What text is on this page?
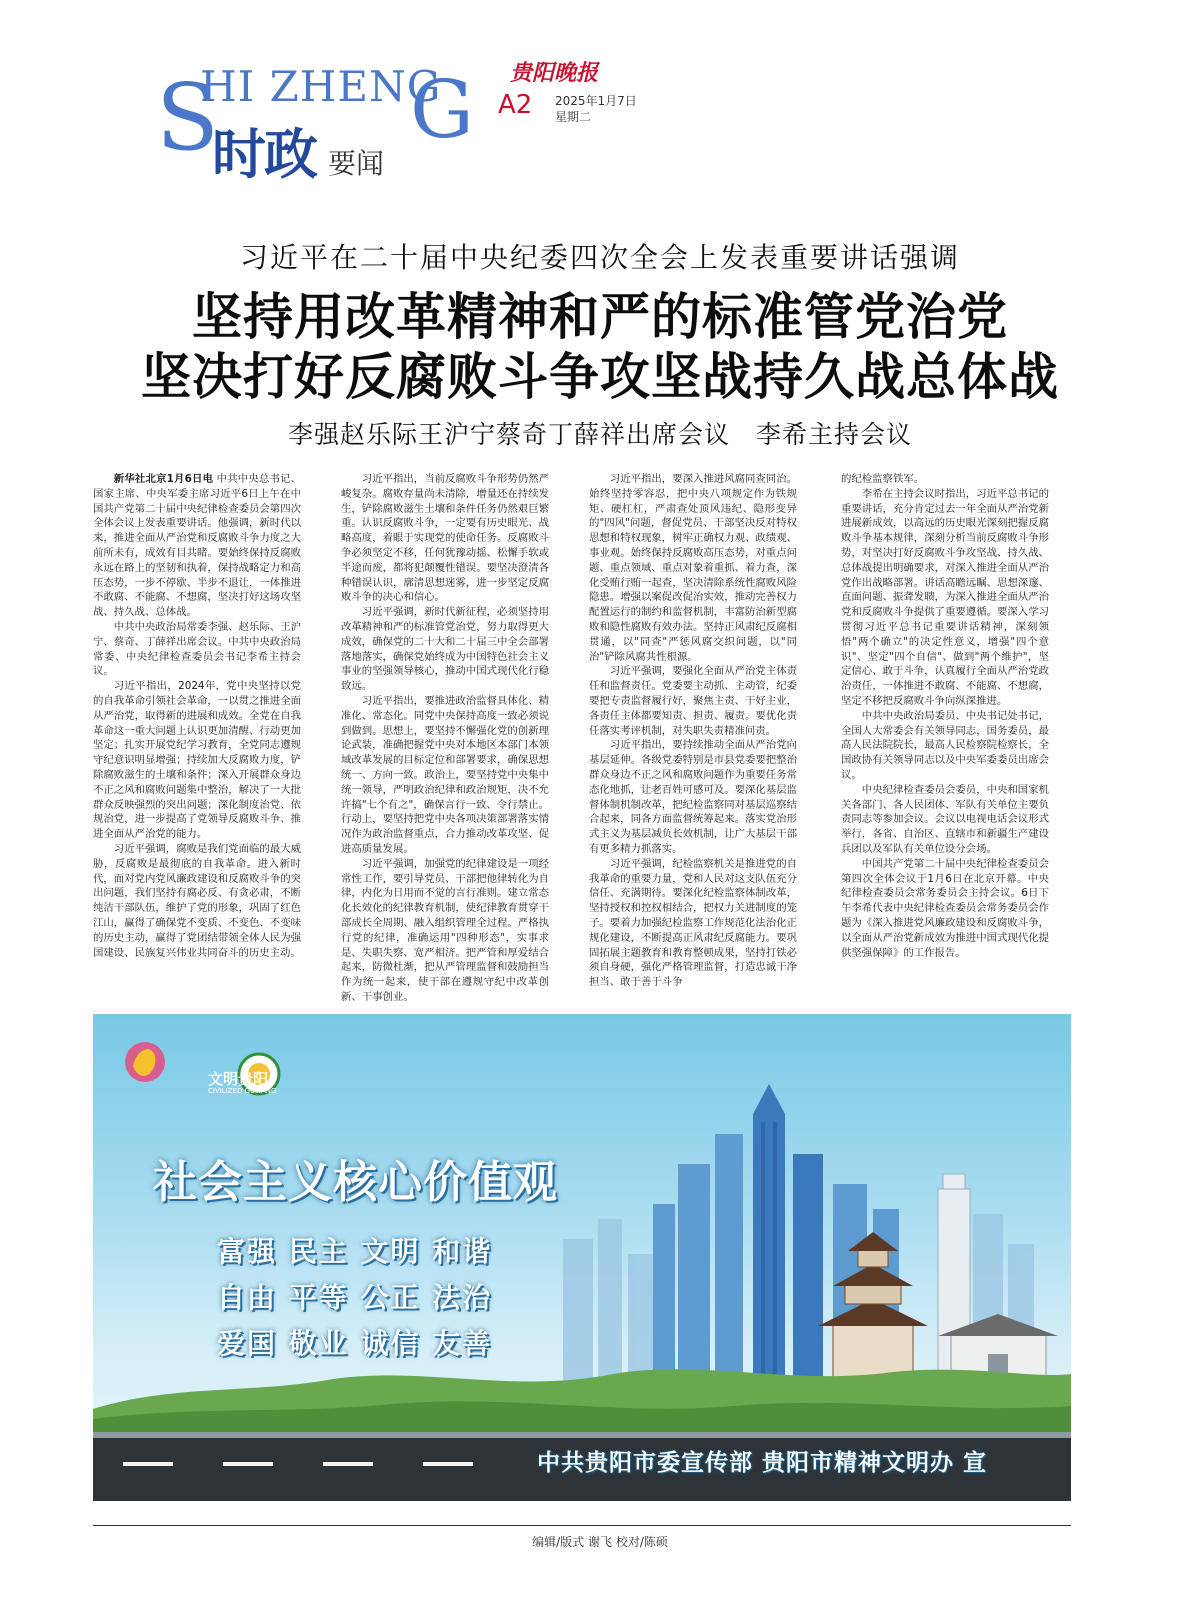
S
HI ZHENG
G
时政 要闻
贵阳晚报
A2 2025年1月7日
星期二
习近平在二十届中央纪委四次全会上发表重要讲话强调
坚持用改革精神和严的标准管党治党
坚决打好反腐败斗争攻坚战持久战总体战
李强赵乐际王沪宁蔡奇丁薛祥出席会议　李希主持会议

新华社北京1月6日电 中共中央总书记、国家主席、中央军委主席习近平6日上午在中国共产党第二十届中央纪律检查委员会第四次全体会议上发表重要讲话。他强调，新时代以来，推进全面从严治党和反腐败斗争力度之大前所未有，成效有目共睹。要始终保持反腐败永远在路上的坚韧和执着，保持战略定力和高压态势，一步不停歇、半步不退让，一体推进不敢腐、不能腐、不想腐，坚决打好这场攻坚战、持久战、总体战。

中共中央政治局常委李强、赵乐际、王沪宁、蔡奇、丁薛祥出席会议。中共中央政治局常委、中央纪律检查委员会书记李希主持会议。

习近平指出，2024年，党中央坚持以党的自我革命引领社会革命，一以贯之推进全面从严治党，取得新的进展和成效。全党在自我革命这一重大问题上认识更加清醒、行动更加坚定；扎实开展党纪学习教育，全党同志遵规守纪意识明显增强；持续加大反腐败力度，铲除腐败滋生的土壤和条件；深入开展群众身边不正之风和腐败问题集中整治，解决了一大批群众反映强烈的突出问题；深化制度治党、依规治党，进一步提高了党领导反腐败斗争、推进全面从严治党的能力。

习近平强调，腐败是我们党面临的最大威胁，反腐败是最彻底的自我革命。进入新时代，面对党内党风廉政建设和反腐败斗争的突出问题，我们坚持有腐必反、有贪必肃，不断纯洁干部队伍，维护了党的形象，巩固了红色江山，赢得了确保党不变质、不变色、不变味的历史主动，赢得了党团结带领全体人民为强国建设、民族复兴伟业共同奋斗的历史主动。

习近平指出，当前反腐败斗争形势仍然严峻复杂。腐败存量尚未清除，增量还在持续发生，铲除腐败滋生土壤和条件任务仍然艰巨繁重。认识反腐败斗争，一定要有历史眼光、战略高度，着眼于实现党的使命任务。反腐败斗争必须坚定不移，任何犹豫动摇、松懈手软或半途而废，都将犯颠覆性错误。要坚决澄清各种错误认识，廓清思想迷雾，进一步坚定反腐败斗争的决心和信心。

习近平强调，新时代新征程，必须坚持用改革精神和严的标准管党治党，努力取得更大成效，确保党的二十大和二十届三中全会部署落地落实，确保党始终成为中国特色社会主义事业的坚强领导核心，推动中国式现代化行稳致远。

习近平指出，要推进政治监督具体化、精准化、常态化。同党中央保持高度一致必须说到做到。思想上，要坚持不懈强化党的创新理论武装，准确把握党中央对本地区本部门本领域改革发展的目标定位和部署要求，确保思想统一、方向一致。政治上，要坚持党中央集中统一领导，严明政治纪律和政治规矩，决不允许搞"七个有之"，确保言行一致、令行禁止。行动上，要坚持把党中央各项决策部署落实情况作为政治监督重点，合力推动改革攻坚、促进高质量发展。

习近平强调，加强党的纪律建设是一项经常性工作，要引导党员、干部把他律转化为自律，内化为日用而不觉的言行准则。建立常态化长效化的纪律教育机制，使纪律教育贯穿干部成长全周期、融入组织管理全过程。严格执行党的纪律，准确运用"四种形态"，实事求是、失职失察、宽严相济。把严管和厚爱结合起来，防微杜渐，把从严管理监督和鼓励担当作为统一起来，使干部在遵规守纪中改革创新、干事创业。

习近平指出，要深入推进风腐同查同治。始终坚持零容忍，把中央八项规定作为铁规矩、硬杠杠，严肃查处顶风违纪、隐形变异的"四风"问题，督促党员、干部坚决反对特权思想和特权现象，树牢正确权力观、政绩观、事业观。始终保持反腐败高压态势，对重点问题、重点领域、重点对象着重抓、着力查，深化受贿行贿一起查，坚决清除系统性腐败风险隐患。增强以案促改促治实效，推动完善权力配置运行的制约和监督机制，丰富防治新型腐败和隐性腐败有效办法。坚持正风肃纪反腐相贯通，以"同查"严惩风腐交织问题，以"同治"铲除风腐共性根源。

习近平强调，要强化全面从严治党主体责任和监督责任。党委要主动抓、主动管，纪委要把专责监督履行好，聚焦主责、干好主业，各责任主体都要知责、担责、履责。要优化责任落实考评机制，对失职失责精准问责。

习近平指出，要持续推动全面从严治党向基层延伸。各级党委特别是市县党委要把整治群众身边不正之风和腐败问题作为重要任务常态化地抓，让老百姓可感可及。要深化基层监督体制机制改革，把纪检监察同对基层巡察结合起来，同各方面监督统筹起来。落实党治形式主义为基层减负长效机制，让广大基层干部有更多精力抓落实。

习近平强调，纪检监察机关是推进党的自我革命的重要力量，党和人民对这支队伍充分信任、充满期待。要深化纪检监察体制改革，坚持授权和控权相结合，把权力关进制度的笼子。要着力加强纪检监察工作规范化法治化正规化建设，不断提高正风肃纪反腐能力。要巩固拓展主题教育和教育整顿成果，坚持打铁必须自身硬，强化严格管理监督，打造忠诚干净担当、敢于善于斗争

的纪检监察铁军。

李希在主持会议时指出，习近平总书记的重要讲话，充分肯定过去一年全面从严治党新进展新成效，以高远的历史眼光深刻把握反腐败斗争基本规律，深刻分析当前反腐败斗争形势，对坚决打好反腐败斗争攻坚战、持久战、总体战提出明确要求，对深入推进全面从严治党作出战略部署。讲话高瞻远瞩、思想深邃、直面问题、振聋发聩，为深入推进全面从严治党和反腐败斗争提供了重要遵循。要深入学习贯彻习近平总书记重要讲话精神，深刻领悟"两个确立"的决定性意义，增强"四个意识"、坚定"四个自信"、做到"两个维护"，坚定信心、敢于斗争，认真履行全面从严治党政治责任，一体推进不敢腐、不能腐、不想腐，坚定不移把反腐败斗争向纵深推进。

中共中央政治局委员、中央书记处书记，全国人大常委会有关领导同志，国务委员，最高人民法院院长，最高人民检察院检察长，全国政协有关领导同志以及中央军委委员出席会议。

中央纪律检查委员会委员，中央和国家机关各部门、各人民团体、军队有关单位主要负责同志等参加会议。会议以电视电话会议形式举行，各省、自治区、直辖市和新疆生产建设兵团以及军队有关单位设分会场。

中国共产党第二十届中央纪律检查委员会第四次全体会议于1月6日在北京开幕。中央纪律检查委员会常务委员会主持会议。6日下午李希代表中央纪律检查委员会常务委员会作题为《深入推进党风廉政建设和反腐败斗争，以全面从严治党新成效为推进中国式现代化提供坚强保障》的工作报告。

文明贵阳
CIVILIZED GUIYANG
社会主义核心价值观
富强 民主 文明 和谐
自由 平等 公正 法治
爱国 敬业 诚信 友善
中共贵阳市委宣传部 贵阳市精神文明办 宣
编辑/版式 谢飞 校对/陈硕
